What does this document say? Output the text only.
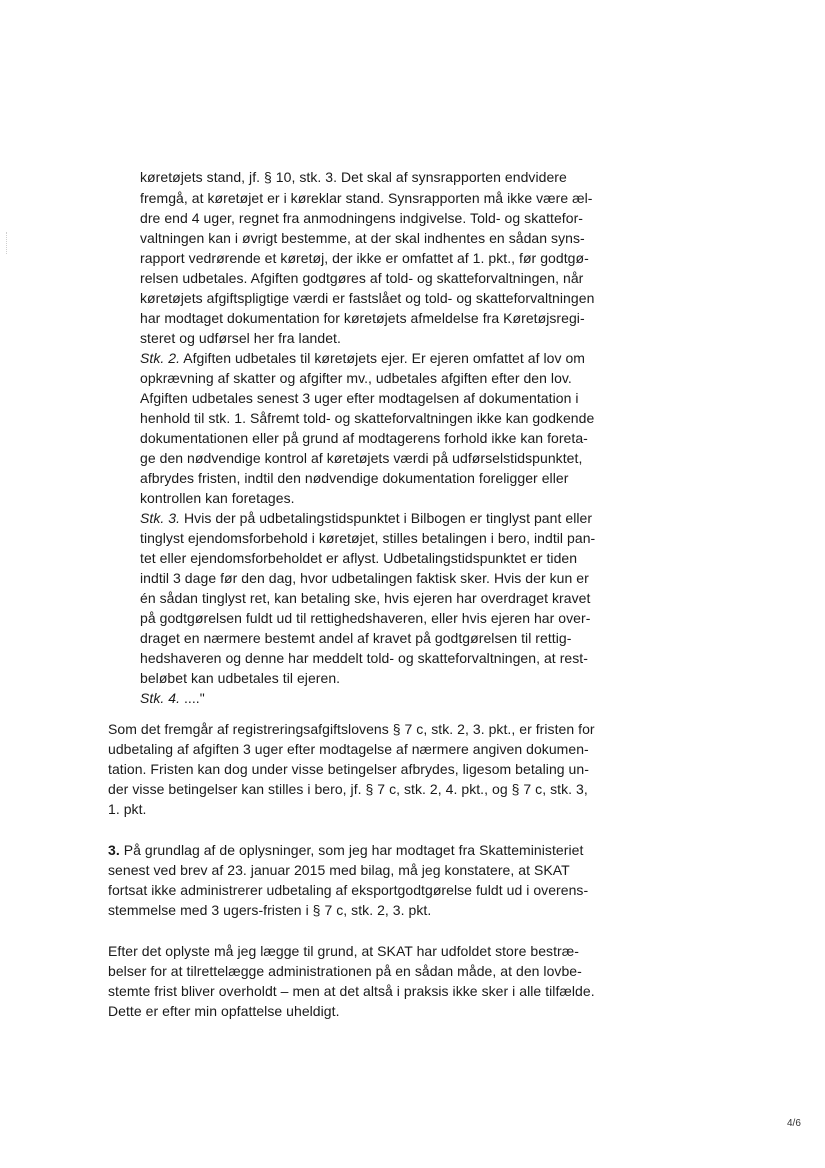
køretøjets stand, jf. § 10, stk. 3. Det skal af synsrapporten endvidere
fremgå, at køretøjet er i køreklar stand. Synsrapporten må ikke være æl-
dre end 4 uger, regnet fra anmodningens indgivelse. Told- og skattefor-
valtningen kan i øvrigt bestemme, at der skal indhentes en sådan syns-
rapport vedrørende et køretøj, der ikke er omfattet af 1. pkt., før godtgø-
relsen udbetales. Afgiften godtgøres af told- og skatteforvaltningen, når
køretøjets afgiftspligtige værdi er fastslået og told- og skatteforvaltningen
har modtaget dokumentation for køretøjets afmeldelse fra Køretøjsregi-
steret og udførsel her fra landet.
Stk. 2. Afgiften udbetales til køretøjets ejer. Er ejeren omfattet af lov om
opkrævning af skatter og afgifter mv., udbetales afgiften efter den lov.
Afgiften udbetales senest 3 uger efter modtagelsen af dokumentation i
henhold til stk. 1. Såfremt told- og skatteforvaltningen ikke kan godkende
dokumentationen eller på grund af modtagerens forhold ikke kan foreta-
ge den nødvendige kontrol af køretøjets værdi på udførselstidspunktet,
afbrydes fristen, indtil den nødvendige dokumentation foreligger eller
kontrollen kan foretages.
Stk. 3. Hvis der på udbetalingstidspunktet i Bilbogen er tinglyst pant eller
tinglyst ejendomsforbehold i køretøjet, stilles betalingen i bero, indtil pan-
tet eller ejendomsforbeholdet er aflyst. Udbetalingstidspunktet er tiden
indtil 3 dage før den dag, hvor udbetalingen faktisk sker. Hvis der kun er
én sådan tinglyst ret, kan betaling ske, hvis ejeren har overdraget kravet
på godtgørelsen fuldt ud til rettighedshaveren, eller hvis ejeren har over-
draget en nærmere bestemt andel af kravet på godtgørelsen til rettig-
hedshaveren og denne har meddelt told- og skatteforvaltningen, at rest-
beløbet kan udbetales til ejeren.
Stk. 4. ...."
Som det fremgår af registreringsafgiftslovens § 7 c, stk. 2, 3. pkt., er fristen for
udbetaling af afgiften 3 uger efter modtagelse af nærmere angiven dokumen-
tation. Fristen kan dog under visse betingelser afbrydes, ligesom betaling un-
der visse betingelser kan stilles i bero, jf. § 7 c, stk. 2, 4. pkt., og § 7 c, stk. 3,
1. pkt.
3. På grundlag af de oplysninger, som jeg har modtaget fra Skatteministeriet
senest ved brev af 23. januar 2015 med bilag, må jeg konstatere, at SKAT
fortsat ikke administrerer udbetaling af eksportgodtgørelse fuldt ud i overens-
stemmelse med 3 ugers-fristen i § 7 c, stk. 2, 3. pkt.
Efter det oplyste må jeg lægge til grund, at SKAT har udfoldet store bestræ-
belser for at tilrettelægge administrationen på en sådan måde, at den lovbe-
stemte frist bliver overholdt – men at det altså i praksis ikke sker i alle tilfælde.
Dette er efter min opfattelse uheldigt.
4/6
